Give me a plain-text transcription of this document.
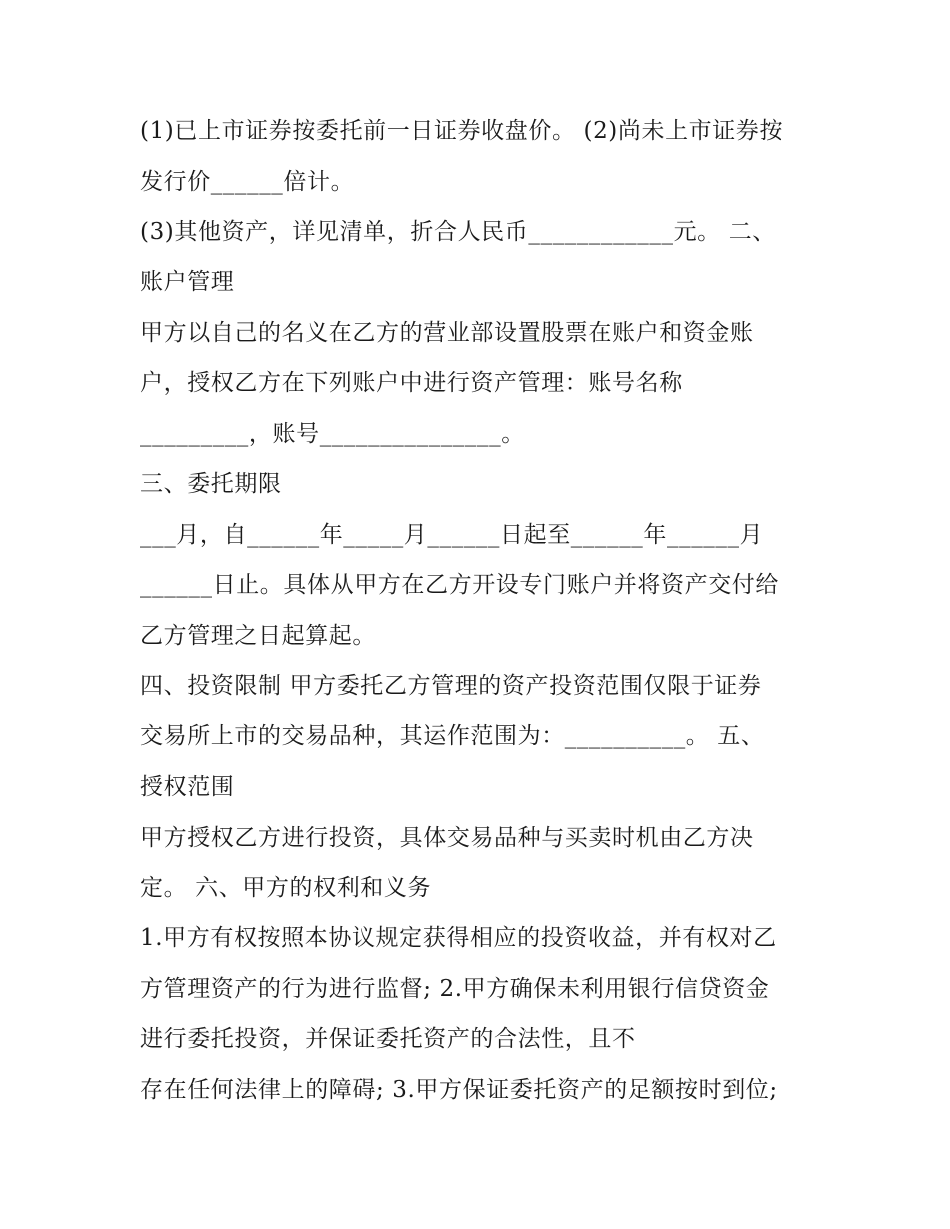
(1)已上市证券按委托前一日证券收盘价。 (2)尚未上市证券按

发行价______倍计。

(3)其他资产，详见清单，折合人民币____________元。 二、

账户管理

甲方以自己的名义在乙方的营业部设置股票在账户和资金账

户，授权乙方在下列账户中进行资产管理：账号名称

_________，账号_______________。

三、委托期限

___月，自______年_____月______日起至______年______月

______日止。具体从甲方在乙方开设专门账户并将资产交付给

乙方管理之日起算起。

四、投资限制 甲方委托乙方管理的资产投资范围仅限于证券

交易所上市的交易品种，其运作范围为：__________。 五、

授权范围

甲方授权乙方进行投资，具体交易品种与买卖时机由乙方决

定。 六、甲方的权利和义务

1.甲方有权按照本协议规定获得相应的投资收益，并有权对乙

方管理资产的行为进行监督; 2.甲方确保未利用银行信贷资金

进行委托投资，并保证委托资产的合法性，且不

存在任何法律上的障碍; 3.甲方保证委托资产的足额按时到位;
